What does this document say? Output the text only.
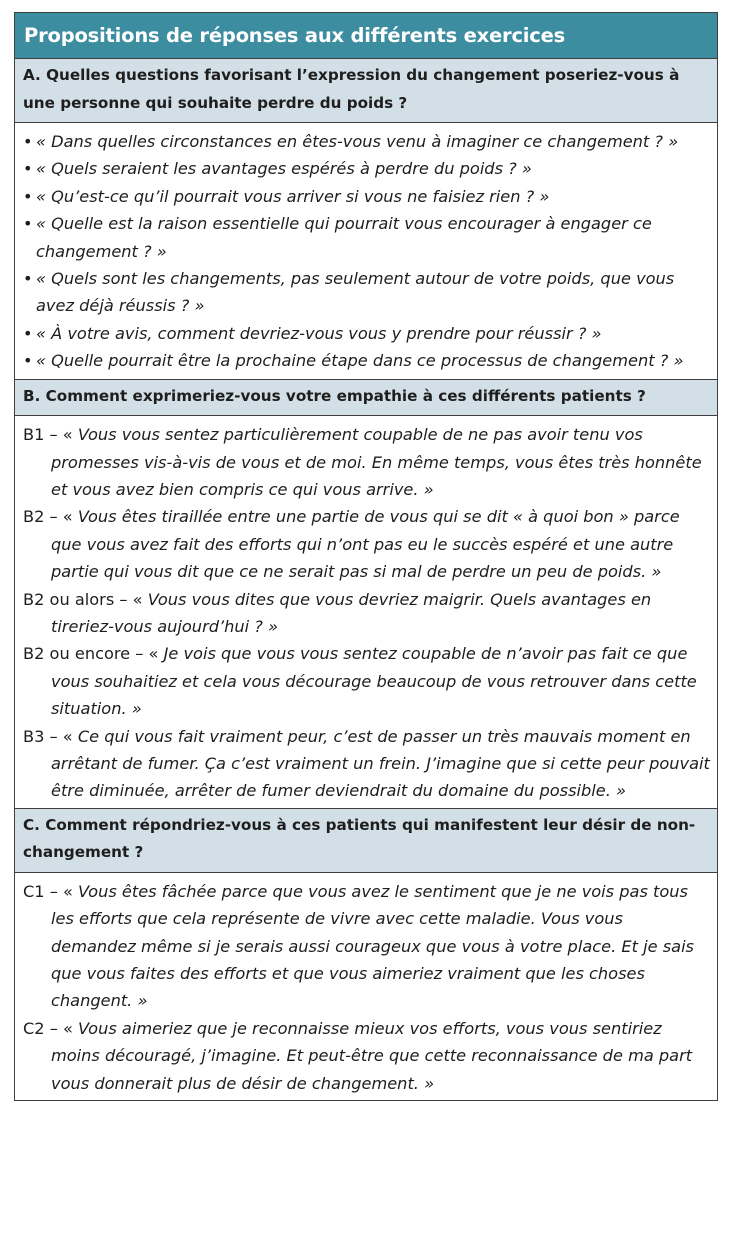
Propositions de réponses aux différents exercices
A. Quelles questions favorisant l’expression du changement poseriez-vous à une personne qui souhaite perdre du poids ?
• « Dans quelles circonstances en êtes-vous venu à imaginer ce changement ? »
• « Quels seraient les avantages espérés à perdre du poids ? »
• « Qu’est-ce qu’il pourrait vous arriver si vous ne faisiez rien ? »
• « Quelle est la raison essentielle qui pourrait vous encourager à engager ce changement ? »
• « Quels sont les changements, pas seulement autour de votre poids, que vous avez déjà réussis ? »
• « À votre avis, comment devriez-vous vous y prendre pour réussir ? »
• « Quelle pourrait être la prochaine étape dans ce processus de changement ? »
B. Comment exprimeriez-vous votre empathie à ces différents patients ?
B1 – « Vous vous sentez particulièrement coupable de ne pas avoir tenu vos promesses vis-à-vis de vous et de moi. En même temps, vous êtes très honnête et vous avez bien compris ce qui vous arrive. »
B2 – « Vous êtes tiraillée entre une partie de vous qui se dit « à quoi bon » parce que vous avez fait des efforts qui n’ont pas eu le succès espéré et une autre partie qui vous dit que ce ne serait pas si mal de perdre un peu de poids. »
B2 ou alors – « Vous vous dites que vous devriez maigrir. Quels avantages en tireriez-vous aujourd’hui ? »
B2 ou encore – « Je vois que vous vous sentez coupable de n’avoir pas fait ce que vous souhaitiez et cela vous décourage beaucoup de vous retrouver dans cette situation. »
B3 – « Ce qui vous fait vraiment peur, c’est de passer un très mauvais moment en arrêtant de fumer. Ça c’est vraiment un frein. J’imagine que si cette peur pouvait être diminuée, arrêter de fumer deviendrait du domaine du possible. »
C. Comment répondriez-vous à ces patients qui manifestent leur désir de non-changement ?
C1 – « Vous êtes fâchée parce que vous avez le sentiment que je ne vois pas tous les efforts que cela représente de vivre avec cette maladie. Vous vous demandez même si je serais aussi courageux que vous à votre place. Et je sais que vous faites des efforts et que vous aimeriez vraiment que les choses changent. »
C2 – « Vous aimeriez que je reconnaisse mieux vos efforts, vous vous sentiriez moins découragé, j’imagine. Et peut-être que cette reconnaissance de ma part vous donnerait plus de désir de changement. »
